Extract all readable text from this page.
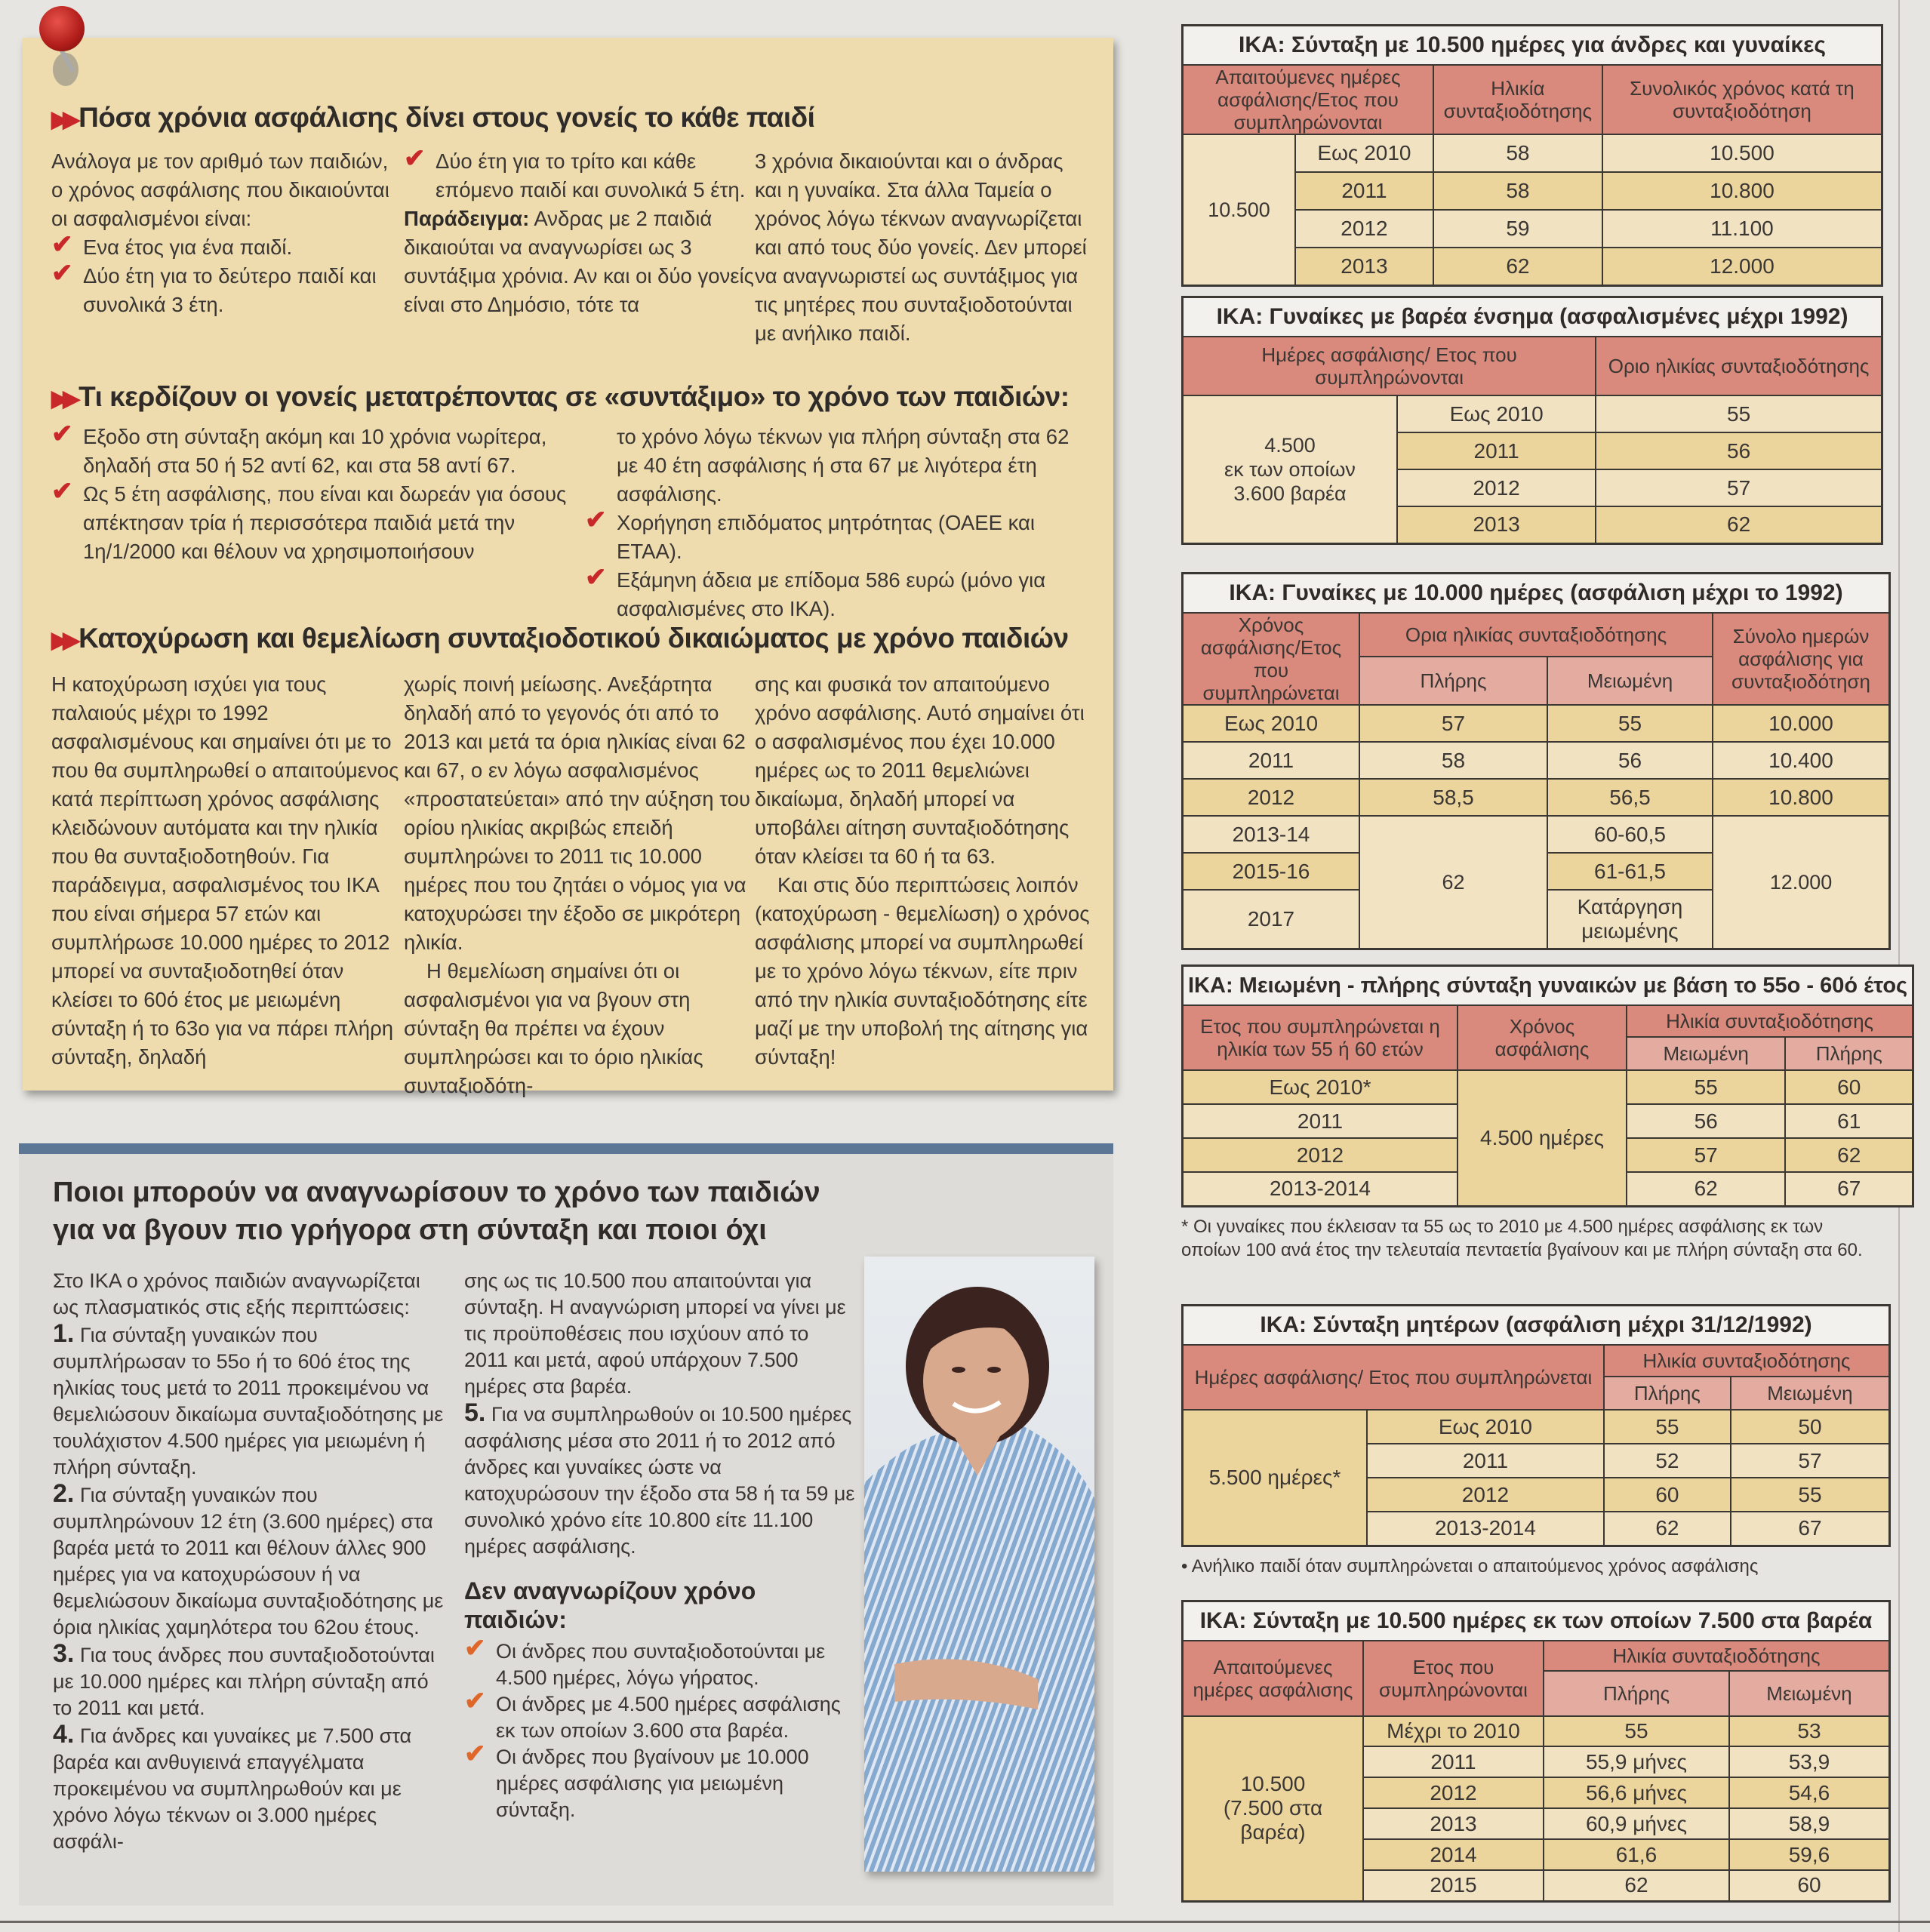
▶▶ Πόσα χρόνια ασφάλισης δίνει στους γονείς το κάθε παιδί

Ανάλογα με τον αριθμό των παιδιών, ο χρόνος ασφάλισης που δικαιούνται οι ασφαλισμένοι είναι:

✔ Ενα έτος για ένα παιδί.

✔ Δύο έτη για το δεύτερο παιδί και συνολικά 3 έτη.

✔ Δύο έτη για το τρίτο και κάθε επόμενο παιδί και συνολικά 5 έτη.

Παράδειγμα: Ανδρας με 2 παιδιά δικαιούται να αναγνωρίσει ως 3 συντάξιμα χρόνια. Αν και οι δύο γονείς είναι στο Δημόσιο, τότε τα

3 χρόνια δικαιούνται και ο άνδρας και η γυναίκα. Στα άλλα Ταμεία ο χρόνος λόγω τέκνων αναγνωρίζεται και από τους δύο γονείς. Δεν μπορεί να αναγνωριστεί ως συντάξιμος για τις μητέρες που συνταξιοδοτούνται με ανήλικο παιδί.

▶▶ Τι κερδίζουν οι γονείς μετατρέποντας σε «συντάξιμο» το χρόνο των παιδιών:

✔ Εξοδο στη σύνταξη ακόμη και 10 χρόνια νωρίτερα, δηλαδή στα 50 ή 52 αντί 62, και στα 58 αντί 67.

✔ Ως 5 έτη ασφάλισης, που είναι και δωρεάν για όσους απέκτησαν τρία ή περισσότερα παιδιά μετά την 1η/1/2000 και θέλουν να χρησιμοποιήσουν

το χρόνο λόγω τέκνων για πλήρη σύνταξη στα 62 με 40 έτη ασφάλισης ή στα 67 με λιγότερα έτη ασφάλισης.

✔ Χορήγηση επιδόματος μητρότητας (ΟΑΕΕ και ΕΤΑΑ).

✔ Εξάμηνη άδεια με επίδομα 586 ευρώ (μόνο για ασφαλισμένες στο ΙΚΑ).

▶▶ Κατοχύρωση και θεμελίωση συνταξιοδοτικού δικαιώματος με χρόνο παιδιών

Η κατοχύρωση ισχύει για τους παλαιούς μέχρι το 1992 ασφαλισμένους και σημαίνει ότι με το που θα συμπληρωθεί ο απαιτούμενος κατά περίπτωση χρόνος ασφάλισης κλειδώνουν αυτόματα και την ηλικία που θα συνταξιοδοτηθούν. Για παράδειγμα, ασφαλισμένος του ΙΚΑ που είναι σήμερα 57 ετών και συμπλήρωσε 10.000 ημέρες το 2012 μπορεί να συνταξιοδοτηθεί όταν κλείσει το 60ό έτος με μειωμένη σύνταξη ή το 63ο για να πάρει πλήρη σύνταξη, δηλαδή

χωρίς ποινή μείωσης. Ανεξάρτητα δηλαδή από το γεγονός ότι από το 2013 και μετά τα όρια ηλικίας είναι 62 και 67, ο εν λόγω ασφαλισμένος «προστατεύεται» από την αύξηση του ορίου ηλικίας ακριβώς επειδή συμπληρώνει το 2011 τις 10.000 ημέρες που του ζητάει ο νόμος για να κατοχυρώσει την έξοδο σε μικρότερη ηλικία.

Η θεμελίωση σημαίνει ότι οι ασφαλισμένοι για να βγουν στη σύνταξη θα πρέπει να έχουν συμπληρώσει και το όριο ηλικίας συνταξιοδότη-

σης και φυσικά τον απαιτούμενο χρόνο ασφάλισης. Αυτό σημαίνει ότι ο ασφαλισμένος που έχει 10.000 ημέρες ως το 2011 θεμελιώνει δικαίωμα, δηλαδή μπορεί να υποβάλει αίτηση συνταξιοδότησης όταν κλείσει τα 60 ή τα 63.

Και στις δύο περιπτώσεις λοιπόν (κατοχύρωση - θεμελίωση) ο χρόνος ασφάλισης μπορεί να συμπληρωθεί με το χρόνο λόγω τέκνων, είτε πριν από την ηλικία συνταξιοδότησης είτε μαζί με την υποβολή της αίτησης για σύνταξη!

Ποιοι μπορούν να αναγνωρίσουν το χρόνο των παιδιών
για να βγουν πιο γρήγορα στη σύνταξη και ποιοι όχι

Στο ΙΚΑ ο χρόνος παιδιών αναγνωρίζεται ως πλασματικός στις εξής περιπτώσεις:

1. Για σύνταξη γυναικών που συμπλήρωσαν το 55ο ή το 60ό έτος της ηλικίας τους μετά το 2011 προκειμένου να θεμελιώσουν δικαίωμα συνταξιοδότησης με τουλάχιστον 4.500 ημέρες για μειωμένη ή πλήρη σύνταξη.

2. Για σύνταξη γυναικών που συμπληρώνουν 12 έτη (3.600 ημέρες) στα βαρέα μετά το 2011 και θέλουν άλλες 900 ημέρες για να κατοχυρώσουν ή να θεμελιώσουν δικαίωμα συνταξιοδότησης με όρια ηλικίας χαμηλότερα του 62ου έτους.

3. Για τους άνδρες που συνταξιοδοτούνται με 10.000 ημέρες και πλήρη σύνταξη από το 2011 και μετά.

4. Για άνδρες και γυναίκες με 7.500 στα βαρέα και ανθυγιεινά επαγγέλματα προκειμένου να συμπληρωθούν και με χρόνο λόγω τέκνων οι 3.000 ημέρες ασφάλι-

σης ως τις 10.500 που απαιτούνται για σύνταξη. Η αναγνώριση μπορεί να γίνει με τις προϋποθέσεις που ισχύουν από το 2011 και μετά, αφού υπάρχουν 7.500 ημέρες στα βαρέα.

5. Για να συμπληρωθούν οι 10.500 ημέρες ασφάλισης μέσα στο 2011 ή το 2012 από άνδρες και γυναίκες ώστε να κατοχυρώσουν την έξοδο στα 58 ή τα 59 με συνολικό χρόνο είτε 10.800 είτε 11.100 ημέρες ασφάλισης.

Δεν αναγνωρίζουν χρόνο παιδιών:

✔ Οι άνδρες που συνταξιοδοτούνται με 4.500 ημέρες, λόγω γήρατος.

✔ Οι άνδρες με 4.500 ημέρες ασφάλισης εκ των οποίων 3.600 στα βαρέα.

✔ Οι άνδρες που βγαίνουν με 10.000 ημέρες ασφάλισης για μειωμένη σύνταξη.

ΙΚΑ: Σύνταξη με 10.500 ημέρες για άνδρες και γυναίκες			
Απαιτούμενες ημέρες ασφάλισης/Ετος που συμπληρώνονται		Ηλικία συνταξιοδότησης	Συνολικός χρόνος κατά τη συνταξιοδότηση
10.500	Εως 2010	58	10.500
	2011	58	10.800
	2012	59	11.100
	2013	62	12.000
ΙΚΑ: Γυναίκες με βαρέα ένσημα (ασφαλισμένες μέχρι 1992)		
Ημέρες ασφάλισης/ Ετος που συμπληρώνονται		Οριο ηλικίας συνταξιοδότησης

4.500
εκ των οποίων
3.600 βαρέα	Εως 2010	55
	2011	56
	2012	57
	2013	62
ΙΚΑ: Γυναίκες με 10.000 ημέρες (ασφάλιση μέχρι το 1992)			
Χρόνος ασφάλισης/Ετος που συμπληρώνεται	Ορια ηλικίας συνταξιοδότησης		Σύνολο ημερών ασφάλισης για συνταξιοδότηση
	Πλήρης	Μειωμένη	
Εως 2010	57	55	10.000
2011	58	56	10.400
2012	58,5	56,5	10.800
2013-14	62	60-60,5	12.000
2015-16		61-61,5	
2017		Κατάργηση μειωμένης	
ΙΚΑ: Μειωμένη - πλήρης σύνταξη γυναικών με βάση το 55ο - 60ό έτος			
Ετος που συμπληρώνεται η ηλικία των 55 ή 60 ετών	Χρόνος ασφάλισης	Ηλικία συνταξιοδότησης	
		Μειωμένη	Πλήρης
Εως 2010*	4.500 ημέρες	55	60
2011		56	61
2012		57	62
2013-2014		62	67
* Οι γυναίκες που έκλεισαν τα 55 ως το 2010 με 4.500 ημέρες ασφάλισης εκ των οποίων 100 ανά έτος την τελευταία πενταετία βγαίνουν και με πλήρη σύνταξη στα 60.
ΙΚΑ: Σύνταξη μητέρων (ασφάλιση μέχρι 31/12/1992)			
Ημέρες ασφάλισης/ Ετος που συμπληρώνεται		Ηλικία συνταξιοδότησης	
		Πλήρης	Μειωμένη
5.500 ημέρες*	Εως 2010	55	50
	2011	52	57
	2012	60	55
	2013-2014	62	67
• Ανήλικο παιδί όταν συμπληρώνεται ο απαιτούμενος χρόνος ασφάλισης
ΙΚΑ: Σύνταξη με 10.500 ημέρες εκ των οποίων 7.500 στα βαρέα			
Απαιτούμενες ημέρες ασφάλισης	Ετος που συμπληρώνονται	Ηλικία συνταξιοδότησης	
		Πλήρης	Μειωμένη

10.500
(7.500 στα
βαρέα)	Μέχρι το 2010	55	53
	2011	55,9 μήνες	53,9
	2012	56,6 μήνες	54,6
	2013	60,9 μήνες	58,9
	2014	61,6	59,6
	2015	62	60
